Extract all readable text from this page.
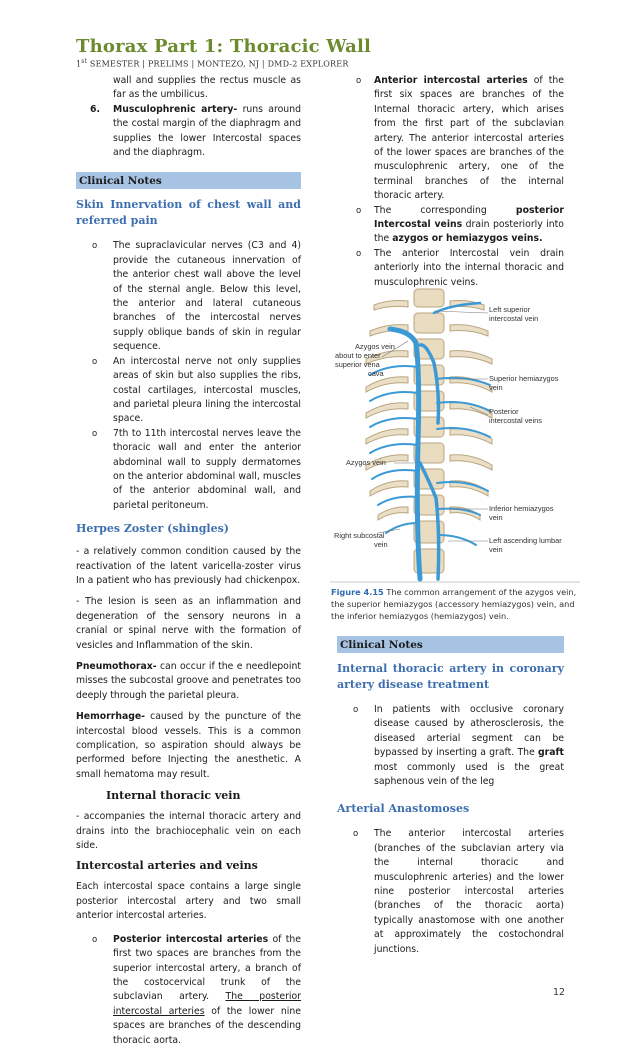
Thorax Part 1: Thoracic Wall
1st SEMESTER | PRELIMS | MONTEZO, NJ | DMD-2 EXPLORER

wall and supplies the rectus muscle as far as the umbilicus.

6. Musculophrenic artery- runs around the costal margin of the diaphragm and supplies the lower Intercostal spaces and the diaphragm.
Clinical Notes
Skin Innervation of chest wall and referred pain
o The supraclavicular nerves (C3 and 4) provide the cutaneous innervation of the anterior chest wall above the level of the sternal angle. Below this level, the anterior and lateral cutaneous branches of the intercostal nerves supply oblique bands of skin in regular sequence.
o An intercostal nerve not only supplies areas of skin but also supplies the ribs, costal cartilages, intercostal muscles, and parietal pleura lining the intercostal space.
o 7th to 11th intercostal nerves leave the thoracic wall and enter the anterior abdominal wall to supply dermatomes on the anterior abdominal wall, muscles of the anterior abdominal wall, and parietal peritoneum.
Herpes Zoster (shingles)

- a relatively common condition caused by the reactivation of the latent varicella-zoster virus In a patient who has previously had chickenpox.

- The lesion is seen as an inflammation and degeneration of the sensory neurons in a cranial or spinal nerve with the formation of vesicles and Inflammation of the skin.

Pneumothorax- can occur if the e needlepoint misses the subcostal groove and penetrates too deeply through the parietal pleura.

Hemorrhage- caused by the puncture of the intercostal blood vessels. This is a common complication, so aspiration should always be performed before Injecting the anesthetic. A small hematoma may result.

Internal thoracic vein

- accompanies the internal thoracic artery and drains into the brachiocephalic vein on each side.

Intercostal arteries and veins

Each intercostal space contains a large single posterior intercostal artery and two small anterior intercostal arteries.

o Posterior intercostal arteries of the first two spaces are branches from the superior intercostal artery, a branch of the costocervical trunk of the subclavian artery. The posterior intercostal arteries of the lower nine spaces are branches of the descending thoracic aorta.
o Anterior intercostal arteries of the first six spaces are branches of the Internal thoracic artery, which arises from the first part of the subclavian artery. The anterior intercostal arteries of the lower spaces are branches of the musculophrenic artery, one of the terminal branches of the internal thoracic artery.
o The corresponding posterior Intercostal veins drain posteriorly into the azygos or hemiazygos veins.
o The anterior Intercostal vein drain anteriorly into the internal thoracic and musculophrenic veins.
Left superior
intercostal vein
Azygos vein
about to enter
superior vena
cava
Superior hemiazygos
vein
Posterior
intercostal veins
Azygos vein
Inferior hemiazygos
vein
Right subcostal
vein	Left ascending lumbar
vein
Figure 4.15 The common arrangement of the azygos vein, the superior hemiazygos (accessory hemiazygos) vein, and the inferior hemiazygos (hemiazygos) vein.
Clinical Notes
Internal thoracic artery in coronary artery disease treatment
o In patients with occlusive coronary disease caused by atherosclerosis, the diseased arterial segment can be bypassed by inserting a graft. The graft most commonly used is the great saphenous vein of the leg
Arterial Anastomoses
o The anterior intercostal arteries (branches of the subclavian artery via the internal thoracic and musculophrenic arteries) and the lower nine posterior intercostal arteries (branches of the thoracic aorta) typically anastomose with one another at approximately the costochondral junctions.
12
